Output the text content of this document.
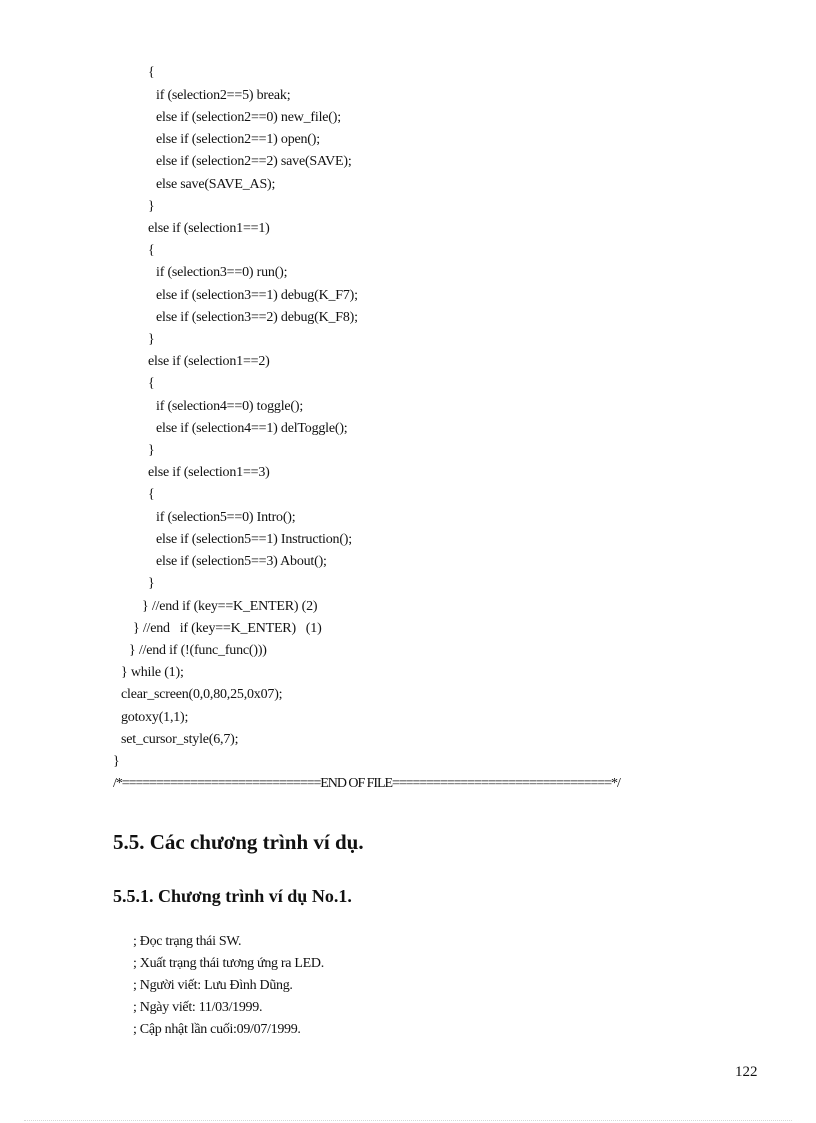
{
if (selection2==5) break;
else if (selection2==0) new_file();
else if (selection2==1) open();
else if (selection2==2) save(SAVE);
else save(SAVE_AS);
}
else if (selection1==1)
{
if (selection3==0) run();
else if (selection3==1) debug(K_F7);
else if (selection3==2) debug(K_F8);
}
else if (selection1==2)
{
if (selection4==0) toggle();
else if (selection4==1) delToggle();
}
else if (selection1==3)
{
if (selection5==0) Intro();
else if (selection5==1) Instruction();
else if (selection5==3) About();
}
} //end if (key==K_ENTER) (2)
} //end   if (key==K_ENTER)   (1)
} //end if (!(func_func()))
} while (1);
clear_screen(0,0,80,25,0x07);
gotoxy(1,1);
set_cursor_style(6,7);
}
/*=============================END OF FILE================================*/
5.5. Các chương trình ví dụ.
5.5.1. Chương trình ví dụ No.1.
; Đọc trạng thái SW.
; Xuất trạng thái tương ứng ra LED.
; Người viết: Lưu Đình Dũng.
; Ngày viết: 11/03/1999.
; Cập nhật lần cuối:09/07/1999.
122
